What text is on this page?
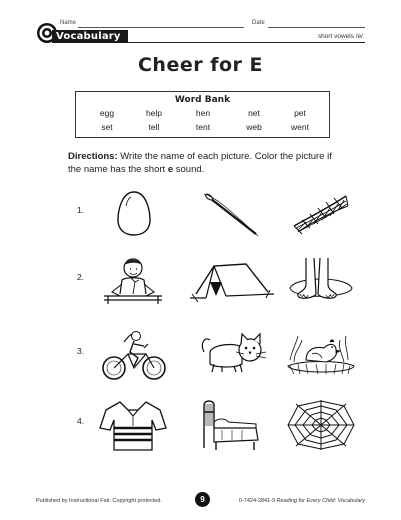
Name	Date
Vocabulary	short vowels /e/
Cheer for E
Word Bank
egg	help	hen	net	pet
set	tell	tent	web	went
Directions: Write the name of each picture. Color the picture if the name has the short e sound.
1.
2.
3.
4.
Published by Instructional Fair. Copyright protected.	9	0-7424-2841-9 Reading for Every Child: Vocabulary
